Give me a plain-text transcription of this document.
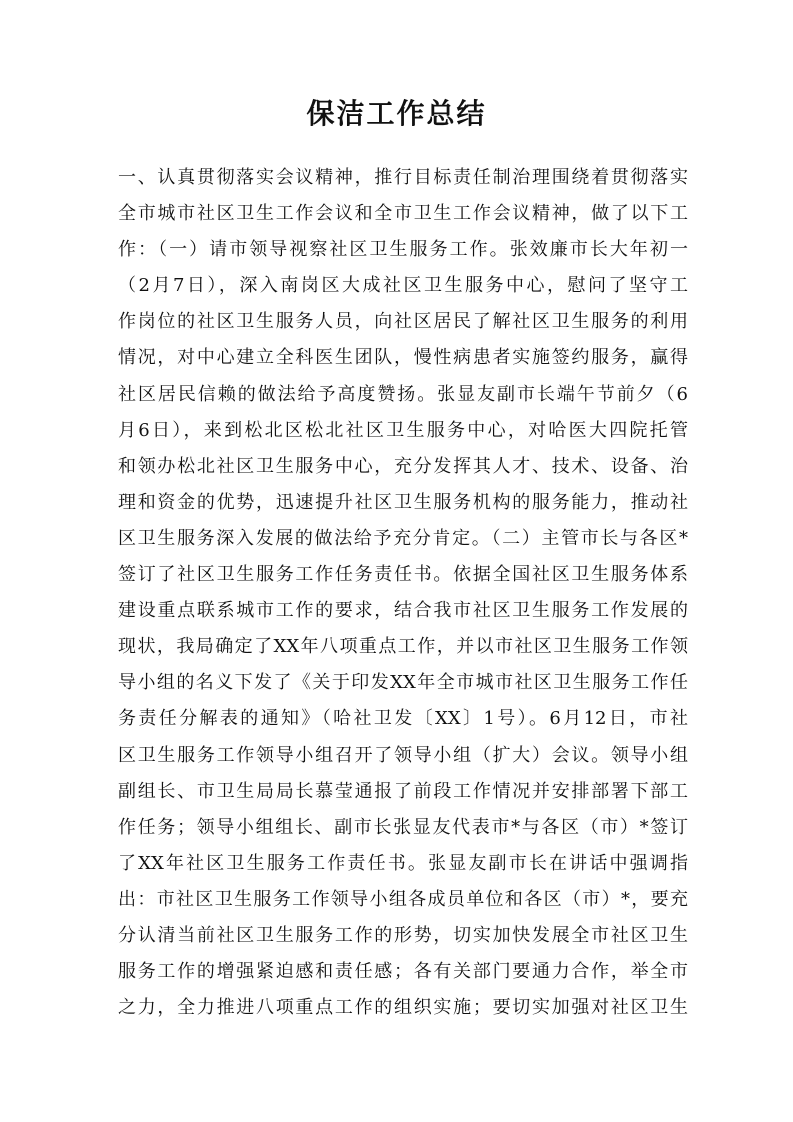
保洁工作总结
一、认真贯彻落实会议精神，推行目标责任制治理围绕着贯彻落实
全市城市社区卫生工作会议和全市卫生工作会议精神，做了以下工
作：（一）请市领导视察社区卫生服务工作。张效廉市长大年初一
（2月7日），深入南岗区大成社区卫生服务中心，慰问了坚守工
作岗位的社区卫生服务人员，向社区居民了解社区卫生服务的利用
情况，对中心建立全科医生团队，慢性病患者实施签约服务，赢得
社区居民信赖的做法给予高度赞扬。张显友副市长端午节前夕（6
月6日），来到松北区松北社区卫生服务中心，对哈医大四院托管
和领办松北社区卫生服务中心，充分发挥其人才、技术、设备、治
理和资金的优势，迅速提升社区卫生服务机构的服务能力，推动社
区卫生服务深入发展的做法给予充分肯定。（二）主管市长与各区*
签订了社区卫生服务工作任务责任书。依据全国社区卫生服务体系
建设重点联系城市工作的要求，结合我市社区卫生服务工作发展的
现状，我局确定了XX年八项重点工作，并以市社区卫生服务工作领
导小组的名义下发了《关于印发XX年全市城市社区卫生服务工作任
务责任分解表的通知》（哈社卫发〔XX〕1号）。6月12日，市社
区卫生服务工作领导小组召开了领导小组（扩大）会议。领导小组
副组长、市卫生局局长慕莹通报了前段工作情况并安排部署下部工
作任务；领导小组组长、副市长张显友代表市*与各区（市）*签订
了XX年社区卫生服务工作责任书。张显友副市长在讲话中强调指
出：市社区卫生服务工作领导小组各成员单位和各区（市）*，要充
分认清当前社区卫生服务工作的形势，切实加快发展全市社区卫生
服务工作的增强紧迫感和责任感；各有关部门要通力合作，举全市
之力，全力推进八项重点工作的组织实施；要切实加强对社区卫生
